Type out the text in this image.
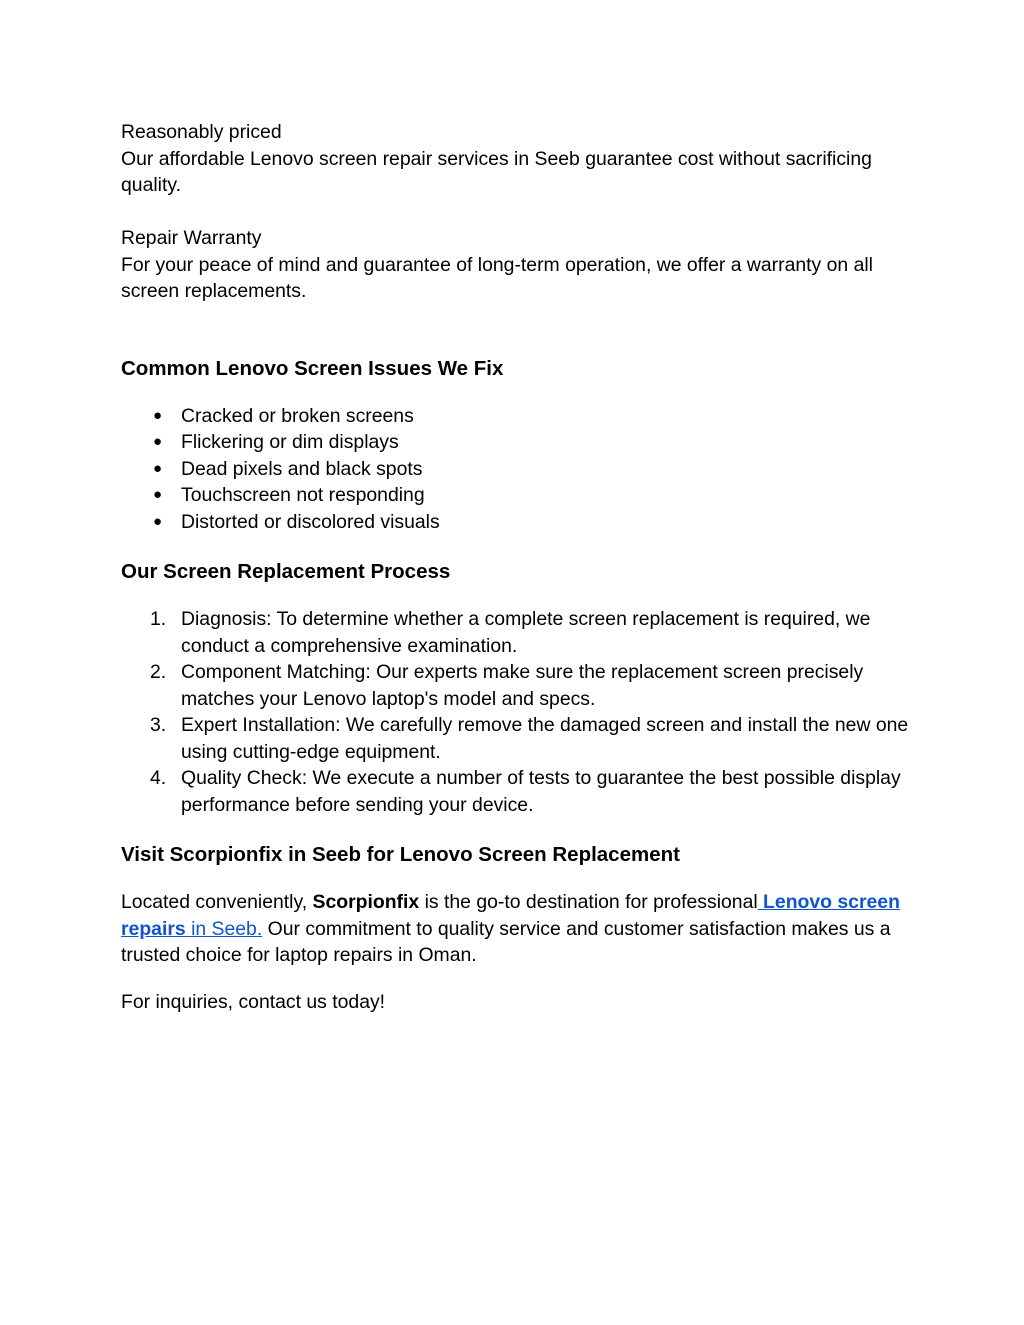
Reasonably priced

Our affordable Lenovo screen repair services in Seeb guarantee cost without sacrificing quality.

Repair Warranty

For your peace of mind and guarantee of long-term operation, we offer a warranty on all screen replacements.

Common Lenovo Screen Issues We Fix
● Cracked or broken screens
● Flickering or dim displays
● Dead pixels and black spots
● Touchscreen not responding
● Distorted or discolored visuals
Our Screen Replacement Process
1. Diagnosis: To determine whether a complete screen replacement is required, we conduct a comprehensive examination.
2. Component Matching: Our experts make sure the replacement screen precisely matches your Lenovo laptop's model and specs.
3. Expert Installation: We carefully remove the damaged screen and install the new one using cutting-edge equipment.
4. Quality Check: We execute a number of tests to guarantee the best possible display performance before sending your device.
Visit Scorpionfix in Seeb for Lenovo Screen Replacement

Located conveniently, Scorpionfix is the go-to destination for professional Lenovo screen repairs in Seeb. Our commitment to quality service and customer satisfaction makes us a trusted choice for laptop repairs in Oman.

For inquiries, contact us today!
